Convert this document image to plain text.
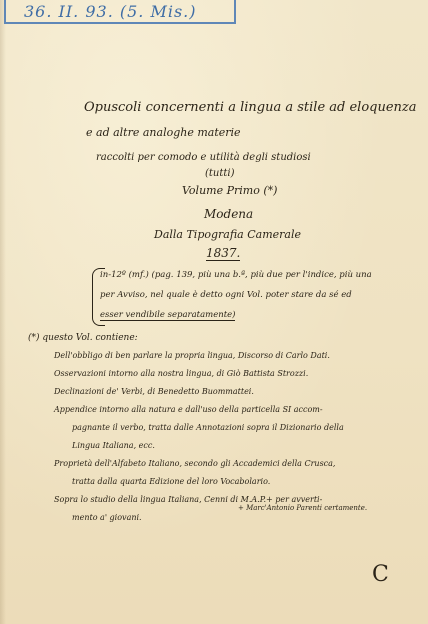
36. II. 93. (5. Mis.)
Opuscoli concernenti a lingua a stile ad eloquenza
e ad altre analoghe materie
raccolti per comodo e utilità degli studiosi
(tutti)
Volume Primo (*)
Modena
Dalla Tipografia Camerale
1837.
in-12º (mf.) (pag. 139, più una b.ª, più due per l'indice, più una
per Avviso, nel quale è detto ogni Vol. poter stare da sé ed
esser vendibile separatamente)
(*) questo Vol. contiene:
Dell'obbligo di ben parlare la propria lingua, Discorso di Carlo Dati.
Osservazioni intorno alla nostra lingua, di Giò Battista Strozzi.
Declinazioni de' Verbi, di Benedetto Buommattei.
Appendice intorno alla natura e dall'uso della particella SI accom-
pagnante il verbo, tratta dalle Annotazioni sopra il Dizionario della
Lingua Italiana, ecc.
Proprietà dell'Alfabeto Italiano, secondo gli Accademici della Crusca,
tratta dalla quarta Edizione del loro Vocabolario.
Sopra lo studio della lingua Italiana, Cenni di M.A.P.+ per avverti-
mento a' giovani.
+ Marc'Antonio Parenti certamente.
C
